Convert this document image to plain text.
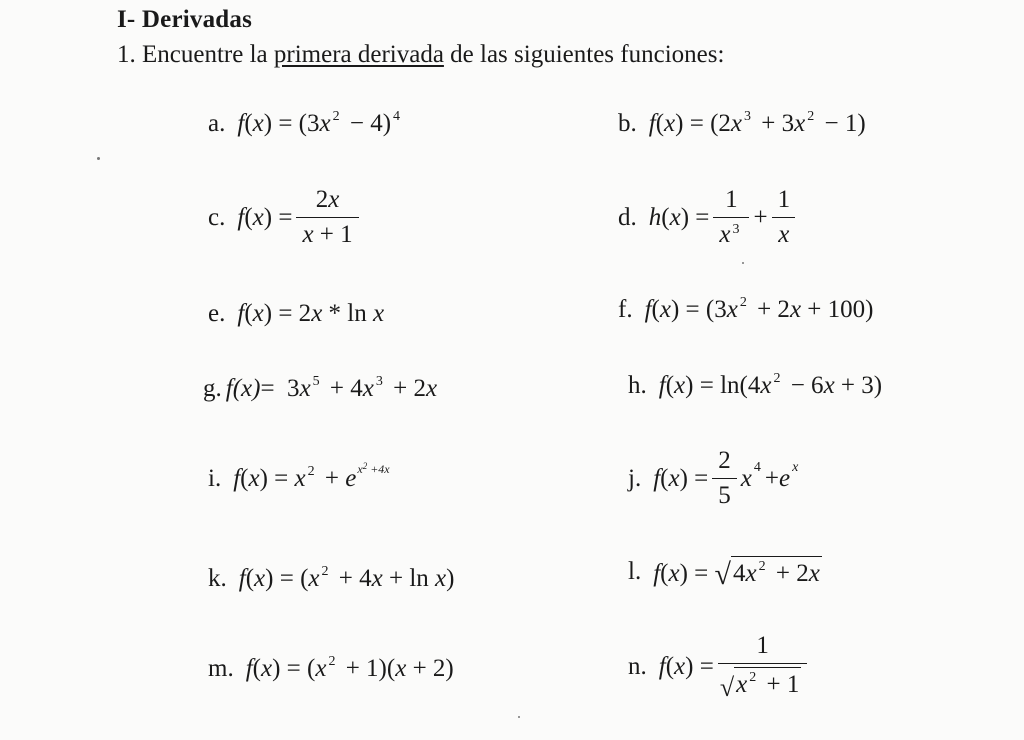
I- Derivadas
1. Encuentre la primera derivada de las siguientes funciones:
a. f(x) = (3x $^2$ − 4) $^4$	b. f(x) = (2x $^3$ + 3x $^2$ − 1)
c. f ( x ) = $\frac{2x}{x + 1}$	d. h ( x ) = $\frac{1}{x ^3} + \frac{1}{x}$
e. f(x) = 2x * ln x	f. f(x) = (3x $^2$ + 2x + 100)
g. f(x)=  3x $^5$ + 4x $^3$ + 2x	h. f(x) = ln(4x $^2$ − 6x + 3)
i. f(x) = x $^2 + e^{x^2 +4x}$	j. f ( x ) = $\frac{2}{5}$ x 4 + e x
k. f(x) = (x $^2$ + 4x + ln x)	l. f ( x ) = √ 4x $^2$ + 2x
m. f(x) = (x $^2$ + 1)(x + 2)	n. f ( x ) = $\frac{1}{√ x ^2 + 1}$
